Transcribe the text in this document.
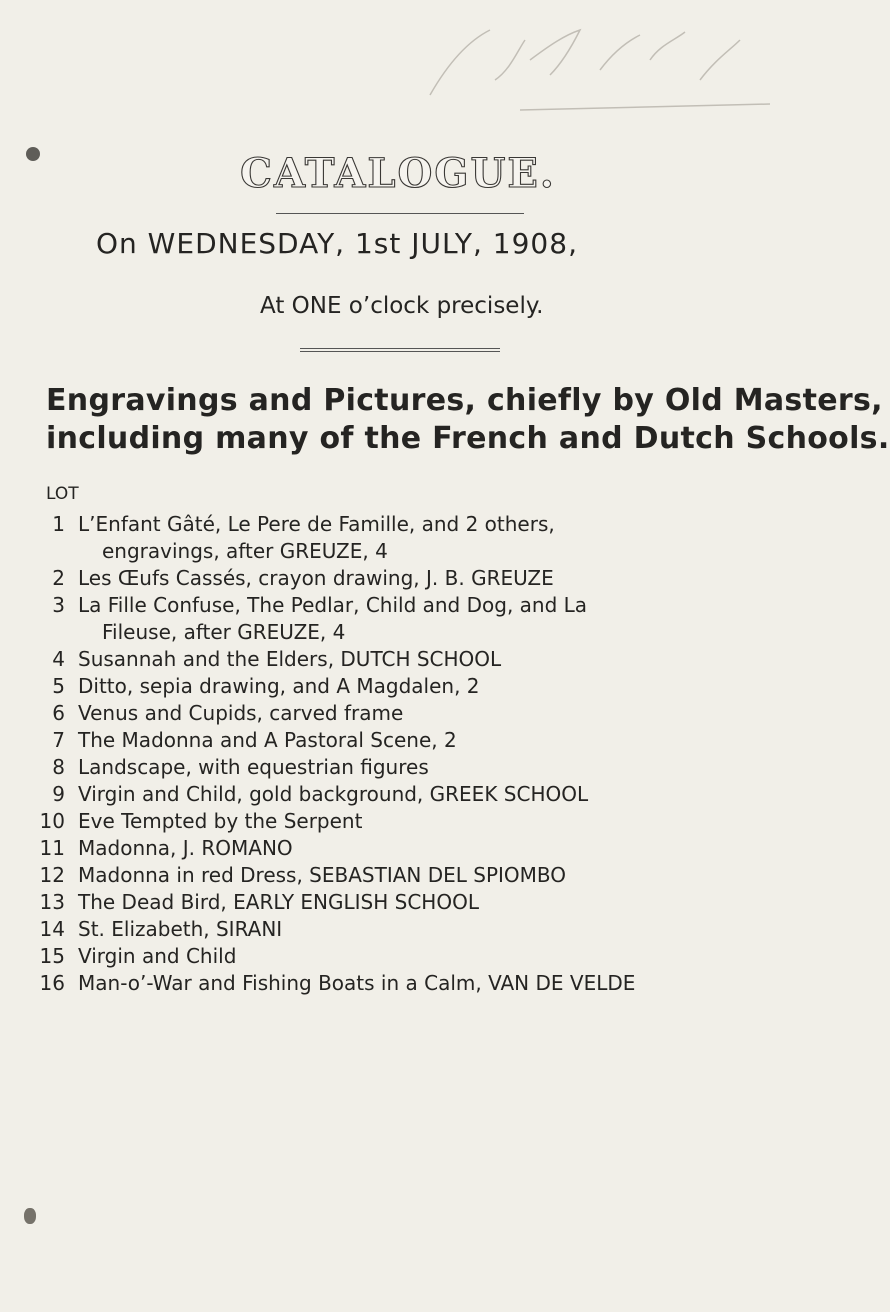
CATALOGUE.
On WEDNESDAY, 1st JULY, 1908,
At ONE o’clock precisely.
Engravings and Pictures, chiefly by Old Masters,
including many of the French and Dutch Schools.
LOT
1 L’Enfant Gâté, Le Pere de Famille, and 2 others,
engravings, after GREUZE, 4
2 Les Œufs Cassés, crayon drawing, J. B. GREUZE
3 La Fille Confuse, The Pedlar, Child and Dog, and La
Fileuse, after GREUZE, 4
4 Susannah and the Elders, DUTCH SCHOOL
5 Ditto, sepia drawing, and A Magdalen, 2
6 Venus and Cupids, carved frame
7 The Madonna and A Pastoral Scene, 2
8 Landscape, with equestrian figures
9 Virgin and Child, gold background, GREEK SCHOOL
10 Eve Tempted by the Serpent
11 Madonna, J. ROMANO
12 Madonna in red Dress, SEBASTIAN DEL SPIOMBO
13 The Dead Bird, EARLY ENGLISH SCHOOL
14 St. Elizabeth, SIRANI
15 Virgin and Child
16 Man-o’-War and Fishing Boats in a Calm, VAN DE VELDE
